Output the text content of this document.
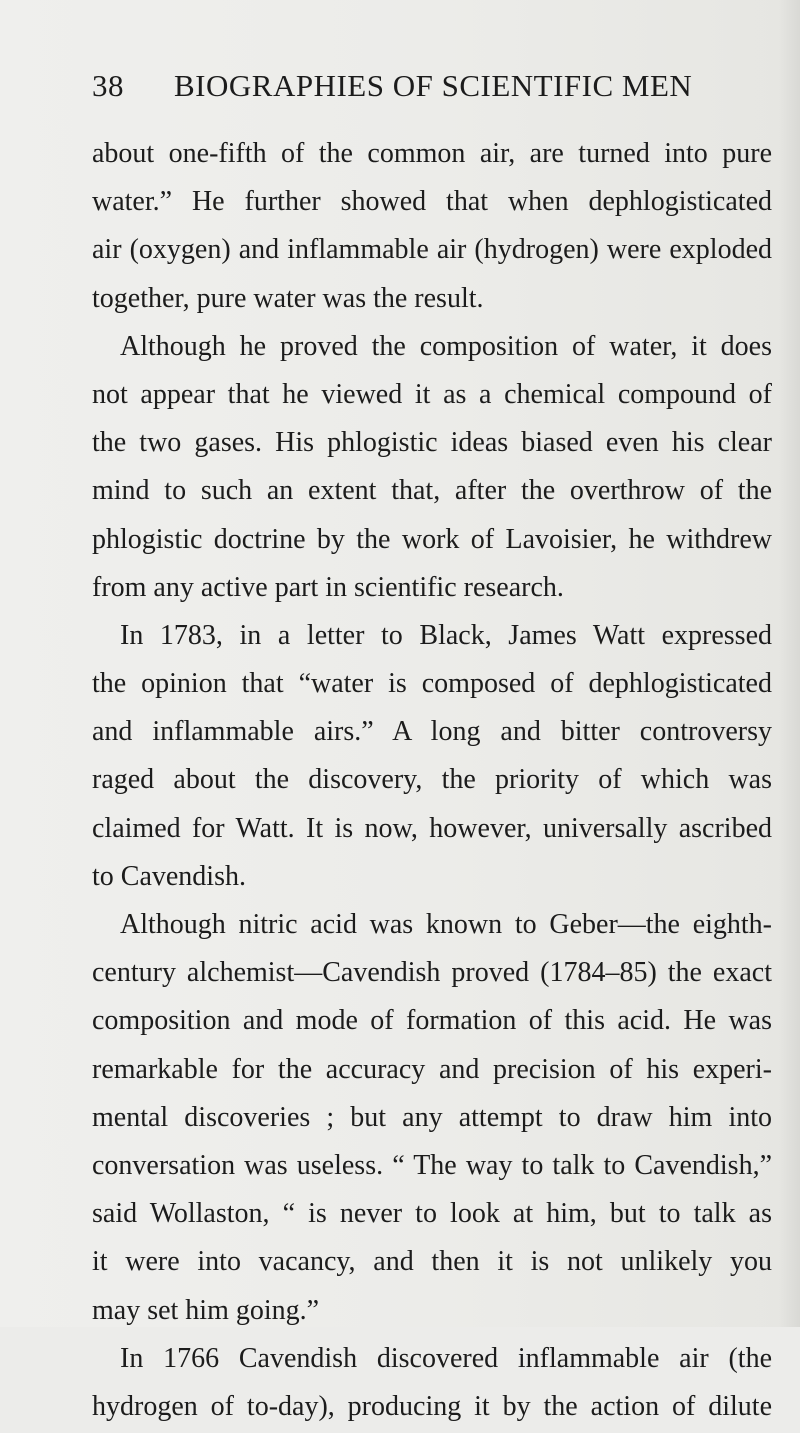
38 BIOGRAPHIES OF SCIENTIFIC MEN
about one-fifth of the common air, are turned into pure
water.” He further showed that when dephlogisticated
air (oxygen) and inflammable air (hydrogen) were exploded
together, pure water was the result.
Although he proved the composition of water, it does
not appear that he viewed it as a chemical compound of
the two gases. His phlogistic ideas biased even his clear
mind to such an extent that, after the overthrow of the
phlogistic doctrine by the work of Lavoisier, he withdrew
from any active part in scientific research.
In 1783, in a letter to Black, James Watt expressed
the opinion that “water is composed of dephlogisticated
and inflammable airs.” A long and bitter controversy
raged about the discovery, the priority of which was
claimed for Watt. It is now, however, universally ascribed
to Cavendish.
Although nitric acid was known to Geber—the eighth-
century alchemist—Cavendish proved (1784–85) the exact
composition and mode of formation of this acid. He was
remarkable for the accuracy and precision of his experi-
mental discoveries ; but any attempt to draw him into
conversation was useless. “ The way to talk to Cavendish,”
said Wollaston, “ is never to look at him, but to talk as
it were into vacancy, and then it is not unlikely you
may set him going.”
In 1766 Cavendish discovered inflammable air (the
hydrogen of to-day), producing it by the action of dilute
